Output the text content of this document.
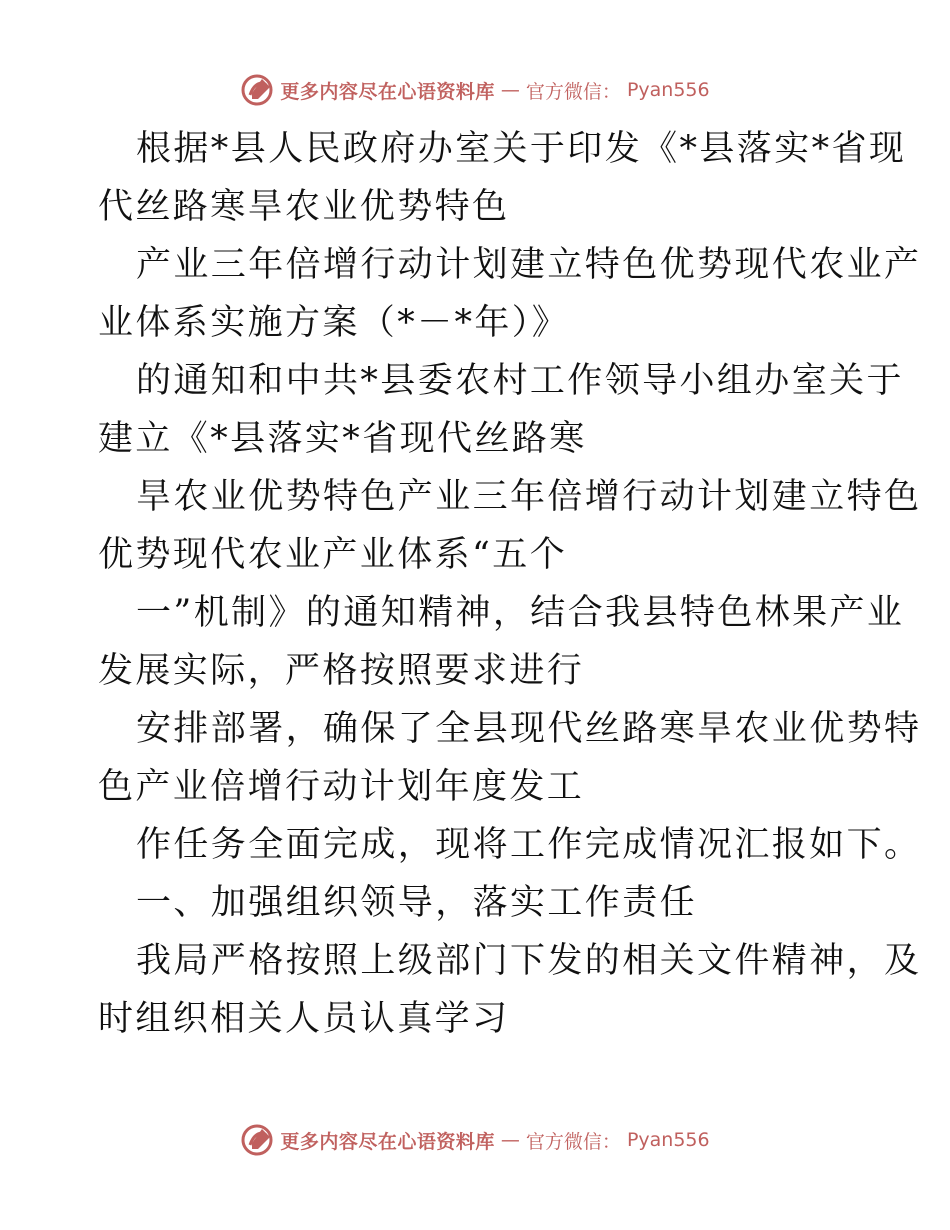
更多内容尽在心语资料库 — 官方微信： Pyan556
根据*县人民政府办室关于印发《*县落实*省现
代丝路寒旱农业优势特色
产业三年倍增行动计划建立特色优势现代农业产
业体系实施方案（*－*年）》
的通知和中共*县委农村工作领导小组办室关于
建立《*县落实*省现代丝路寒
旱农业优势特色产业三年倍增行动计划建立特色
优势现代农业产业体系“五个
一”机制》的通知精神，结合我县特色林果产业
发展实际，严格按照要求进行
安排部署，确保了全县现代丝路寒旱农业优势特
色产业倍增行动计划年度发工
作任务全面完成，现将工作完成情况汇报如下。
一、加强组织领导，落实工作责任
我局严格按照上级部门下发的相关文件精神，及
时组织相关人员认真学习
更多内容尽在心语资料库 — 官方微信： Pyan556
